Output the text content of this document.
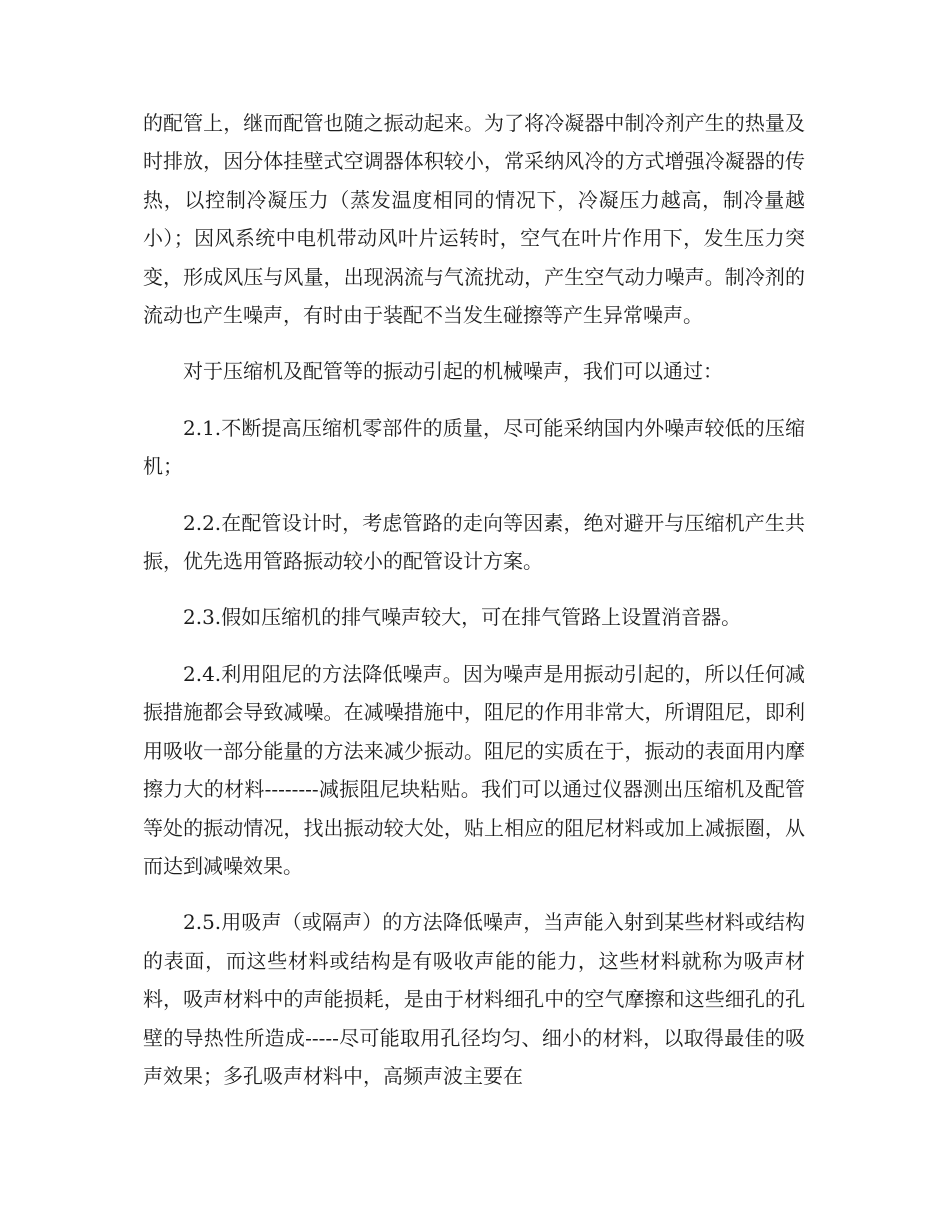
的配管上，继而配管也随之振动起来。为了将冷凝器中制冷剂产生的热量及时排放，因分体挂壁式空调器体积较小，常采纳风冷的方式增强冷凝器的传热，以控制冷凝压力（蒸发温度相同的情况下，冷凝压力越高，制冷量越小）；因风系统中电机带动风叶片运转时，空气在叶片作用下，发生压力突变，形成风压与风量，出现涡流与气流扰动，产生空气动力噪声。制冷剂的流动也产生噪声，有时由于装配不当发生碰擦等产生异常噪声。

对于压缩机及配管等的振动引起的机械噪声，我们可以通过：

2.1.不断提高压缩机零部件的质量，尽可能采纳国内外噪声较低的压缩机；

2.2.在配管设计时，考虑管路的走向等因素，绝对避开与压缩机产生共振，优先选用管路振动较小的配管设计方案。

2.3.假如压缩机的排气噪声较大，可在排气管路上设置消音器。

2.4.利用阻尼的方法降低噪声。因为噪声是用振动引起的，所以任何减振措施都会导致减噪。在减噪措施中，阻尼的作用非常大，所谓阻尼，即利用吸收一部分能量的方法来减少振动。阻尼的实质在于，振动的表面用内摩擦力大的材料--------减振阻尼块粘贴。我们可以通过仪器测出压缩机及配管等处的振动情况，找出振动较大处，贴上相应的阻尼材料或加上减振圈，从而达到减噪效果。

2.5.用吸声（或隔声）的方法降低噪声，当声能入射到某些材料或结构的表面，而这些材料或结构是有吸收声能的能力，这些材料就称为吸声材料，吸声材料中的声能损耗，是由于材料细孔中的空气摩擦和这些细孔的孔壁的导热性所造成-----尽可能取用孔径均匀、细小的材料，以取得最佳的吸声效果；多孔吸声材料中，高频声波主要在
